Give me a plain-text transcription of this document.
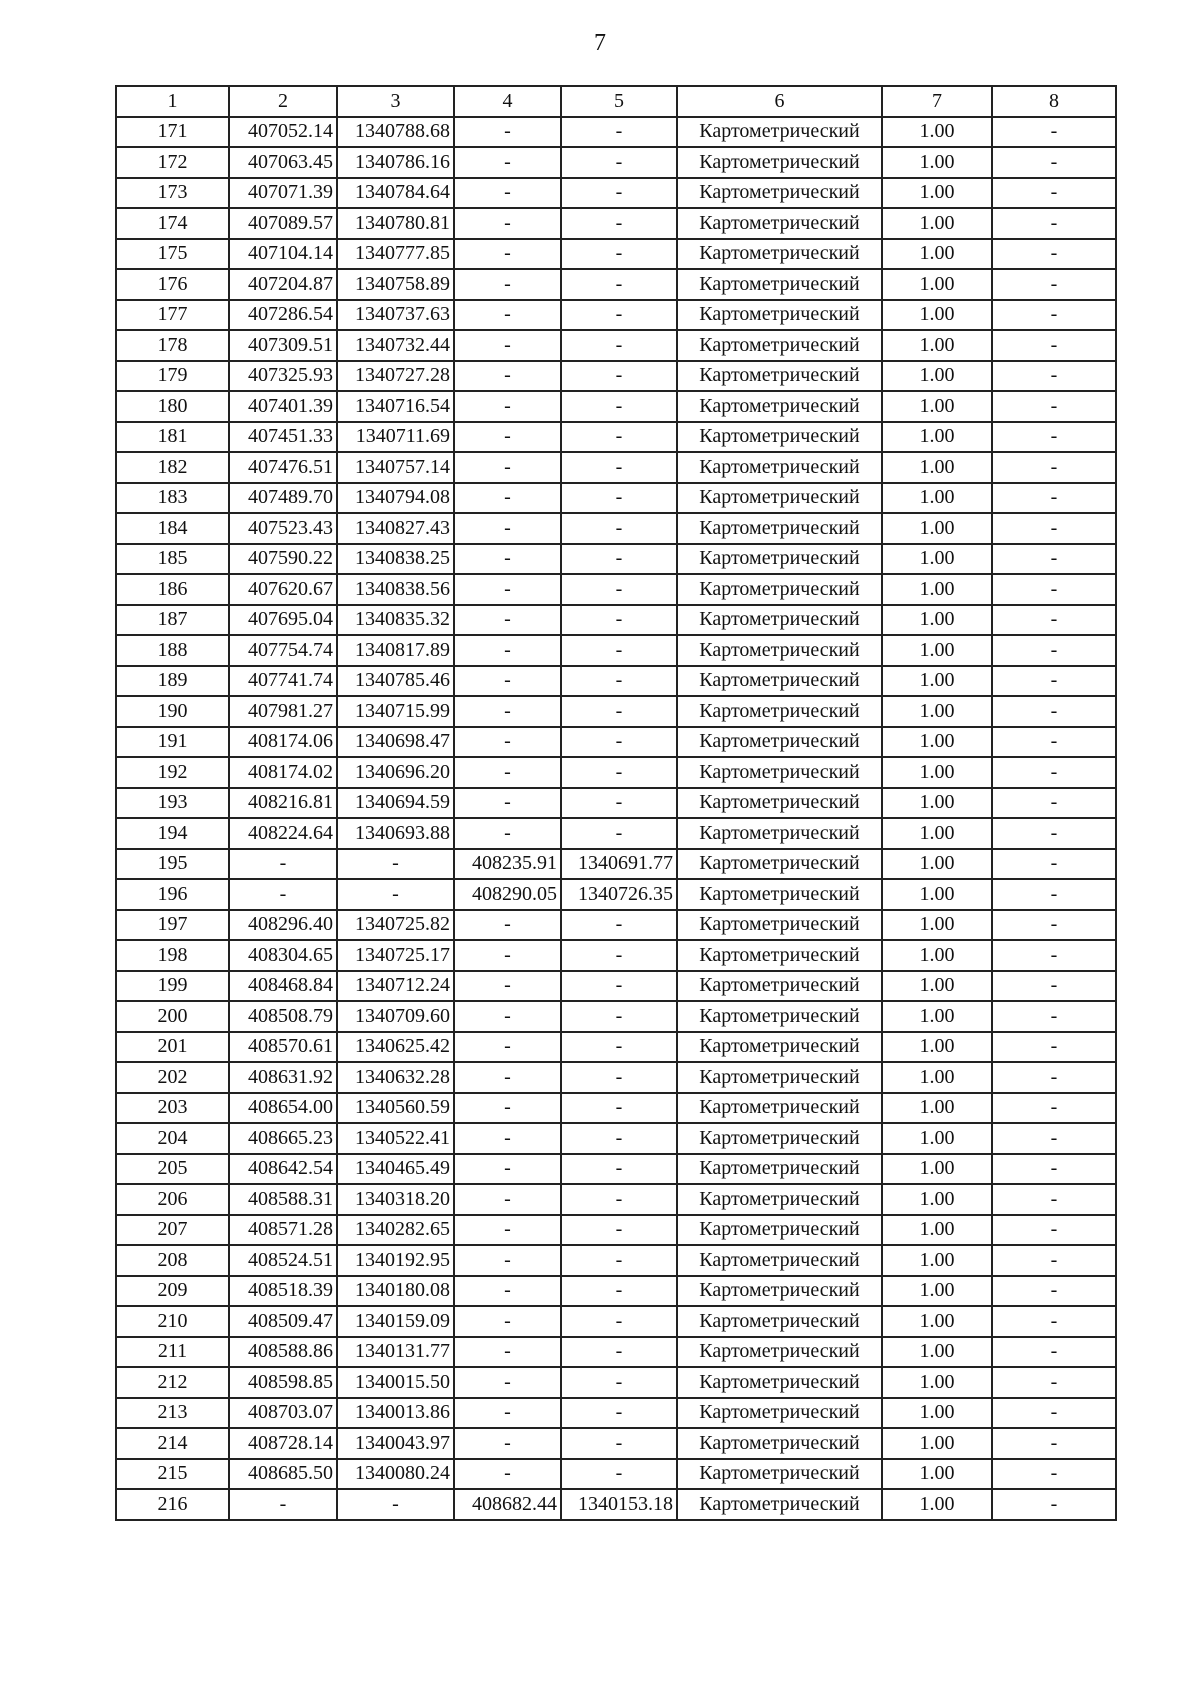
7
1	2	3	4	5	6	7	8
171	407052.14	1340788.68	-	-	Картометрический	1.00	-
172	407063.45	1340786.16	-	-	Картометрический	1.00	-
173	407071.39	1340784.64	-	-	Картометрический	1.00	-
174	407089.57	1340780.81	-	-	Картометрический	1.00	-
175	407104.14	1340777.85	-	-	Картометрический	1.00	-
176	407204.87	1340758.89	-	-	Картометрический	1.00	-
177	407286.54	1340737.63	-	-	Картометрический	1.00	-
178	407309.51	1340732.44	-	-	Картометрический	1.00	-
179	407325.93	1340727.28	-	-	Картометрический	1.00	-
180	407401.39	1340716.54	-	-	Картометрический	1.00	-
181	407451.33	1340711.69	-	-	Картометрический	1.00	-
182	407476.51	1340757.14	-	-	Картометрический	1.00	-
183	407489.70	1340794.08	-	-	Картометрический	1.00	-
184	407523.43	1340827.43	-	-	Картометрический	1.00	-
185	407590.22	1340838.25	-	-	Картометрический	1.00	-
186	407620.67	1340838.56	-	-	Картометрический	1.00	-
187	407695.04	1340835.32	-	-	Картометрический	1.00	-
188	407754.74	1340817.89	-	-	Картометрический	1.00	-
189	407741.74	1340785.46	-	-	Картометрический	1.00	-
190	407981.27	1340715.99	-	-	Картометрический	1.00	-
191	408174.06	1340698.47	-	-	Картометрический	1.00	-
192	408174.02	1340696.20	-	-	Картометрический	1.00	-
193	408216.81	1340694.59	-	-	Картометрический	1.00	-
194	408224.64	1340693.88	-	-	Картометрический	1.00	-
195	-	-	408235.91	1340691.77	Картометрический	1.00	-
196	-	-	408290.05	1340726.35	Картометрический	1.00	-
197	408296.40	1340725.82	-	-	Картометрический	1.00	-
198	408304.65	1340725.17	-	-	Картометрический	1.00	-
199	408468.84	1340712.24	-	-	Картометрический	1.00	-
200	408508.79	1340709.60	-	-	Картометрический	1.00	-
201	408570.61	1340625.42	-	-	Картометрический	1.00	-
202	408631.92	1340632.28	-	-	Картометрический	1.00	-
203	408654.00	1340560.59	-	-	Картометрический	1.00	-
204	408665.23	1340522.41	-	-	Картометрический	1.00	-
205	408642.54	1340465.49	-	-	Картометрический	1.00	-
206	408588.31	1340318.20	-	-	Картометрический	1.00	-
207	408571.28	1340282.65	-	-	Картометрический	1.00	-
208	408524.51	1340192.95	-	-	Картометрический	1.00	-
209	408518.39	1340180.08	-	-	Картометрический	1.00	-
210	408509.47	1340159.09	-	-	Картометрический	1.00	-
211	408588.86	1340131.77	-	-	Картометрический	1.00	-
212	408598.85	1340015.50	-	-	Картометрический	1.00	-
213	408703.07	1340013.86	-	-	Картометрический	1.00	-
214	408728.14	1340043.97	-	-	Картометрический	1.00	-
215	408685.50	1340080.24	-	-	Картометрический	1.00	-
216	-	-	408682.44	1340153.18	Картометрический	1.00	-
